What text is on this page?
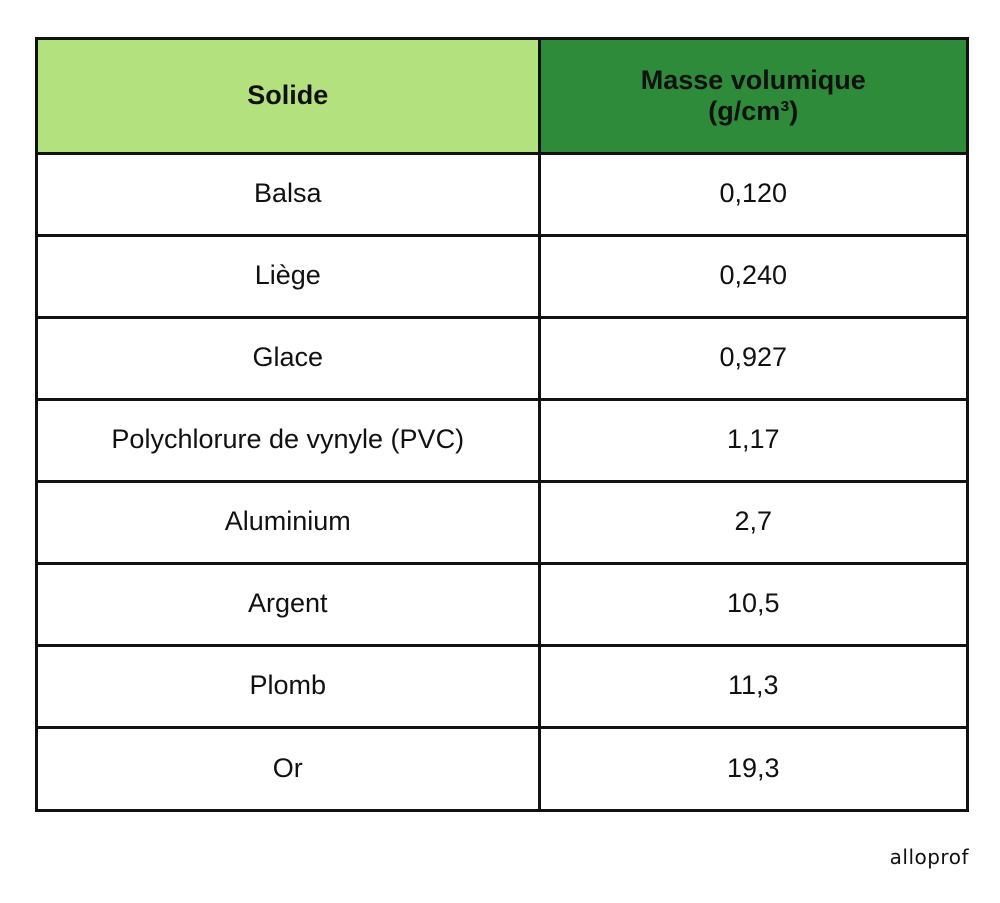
Solide	Masse volumique
(g/cm³)

Balsa	0,120
Liège	0,240
Glace	0,927
Polychlorure de vynyle (PVC)	1,17
Aluminium	2,7
Argent	10,5
Plomb	11,3
Or	19,3
alloprof
